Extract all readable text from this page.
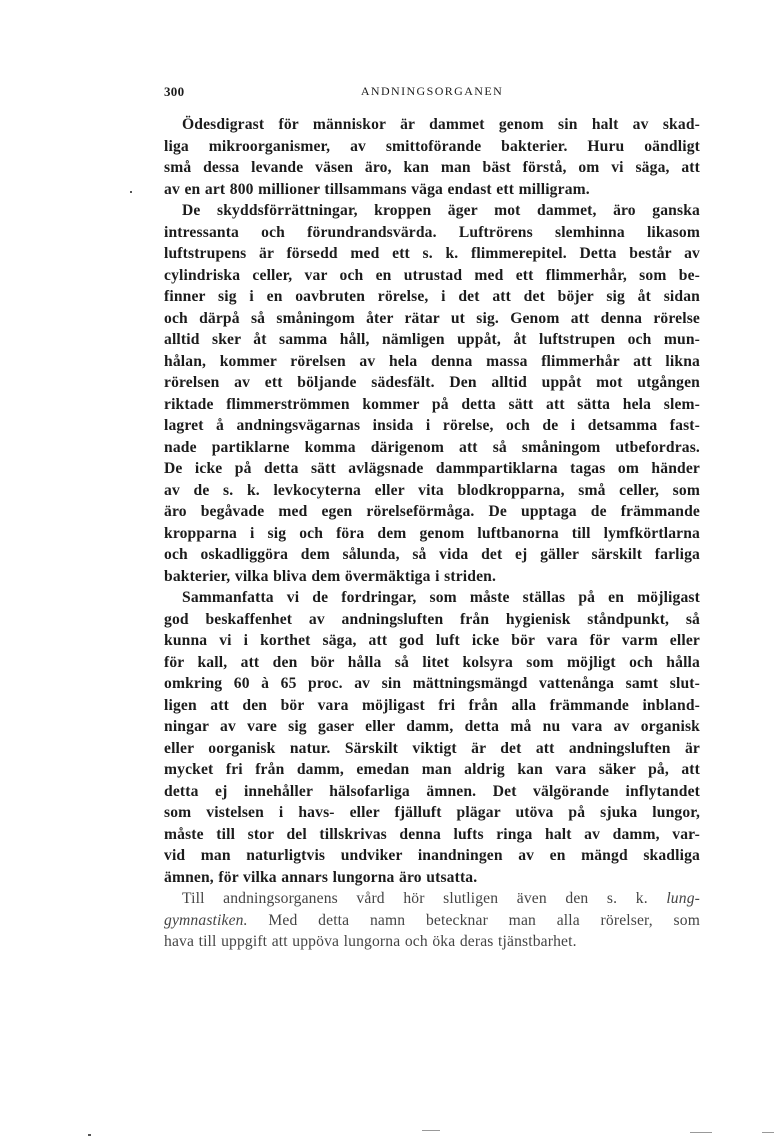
300	ANDNINGSORGANEN
Ödesdigrast för människor är dammet genom sin halt av skad-
liga mikroorganismer, av smittoförande bakterier. Huru oändligt
små dessa levande väsen äro, kan man bäst förstå, om vi säga, att
av en art 800 millioner tillsammans väga endast ett milligram.
De skyddsförrättningar, kroppen äger mot dammet, äro ganska
intressanta och förundrandsvärda. Luftrörens slemhinna likasom
luftstrupens är försedd med ett s. k. flimmerepitel. Detta består av
cylindriska celler, var och en utrustad med ett flimmerhår, som be-
finner sig i en oavbruten rörelse, i det att det böjer sig åt sidan
och därpå så småningom åter rätar ut sig. Genom att denna rörelse
alltid sker åt samma håll, nämligen uppåt, åt luftstrupen och mun-
hålan, kommer rörelsen av hela denna massa flimmerhår att likna
rörelsen av ett böljande sädesfält. Den alltid uppåt mot utgången
riktade flimmerströmmen kommer på detta sätt att sätta hela slem-
lagret å andningsvägarnas insida i rörelse, och de i detsamma fast-
nade partiklarne komma därigenom att så småningom utbefordras.
De icke på detta sätt avlägsnade dammpartiklarna tagas om händer
av de s. k. levkocyterna eller vita blodkropparna, små celler, som
äro begåvade med egen rörelseförmåga. De upptaga de främmande
kropparna i sig och föra dem genom luftbanorna till lymfkörtlarna
och oskadliggöra dem sålunda, så vida det ej gäller särskilt farliga
bakterier, vilka bliva dem övermäktiga i striden.
Sammanfatta vi de fordringar, som måste ställas på en möjligast
god beskaffenhet av andningsluften från hygienisk ståndpunkt, så
kunna vi i korthet säga, att god luft icke bör vara för varm eller
för kall, att den bör hålla så litet kolsyra som möjligt och hålla
omkring 60 à 65 proc. av sin mättningsmängd vattenånga samt slut-
ligen att den bör vara möjligast fri från alla främmande inbland-
ningar av vare sig gaser eller damm, detta må nu vara av organisk
eller oorganisk natur. Särskilt viktigt är det att andningsluften är
mycket fri från damm, emedan man aldrig kan vara säker på, att
detta ej innehåller hälsofarliga ämnen. Det välgörande inflytandet
som vistelsen i havs- eller fjälluft plägar utöva på sjuka lungor,
måste till stor del tillskrivas denna lufts ringa halt av damm, var-
vid man naturligtvis undviker inandningen av en mängd skadliga
ämnen, för vilka annars lungorna äro utsatta.
Till andningsorganens vård hör slutligen även den s. k. lung-
gymnastiken. Med detta namn betecknar man alla rörelser, som
hava till uppgift att uppöva lungorna och öka deras tjänstbarhet.
